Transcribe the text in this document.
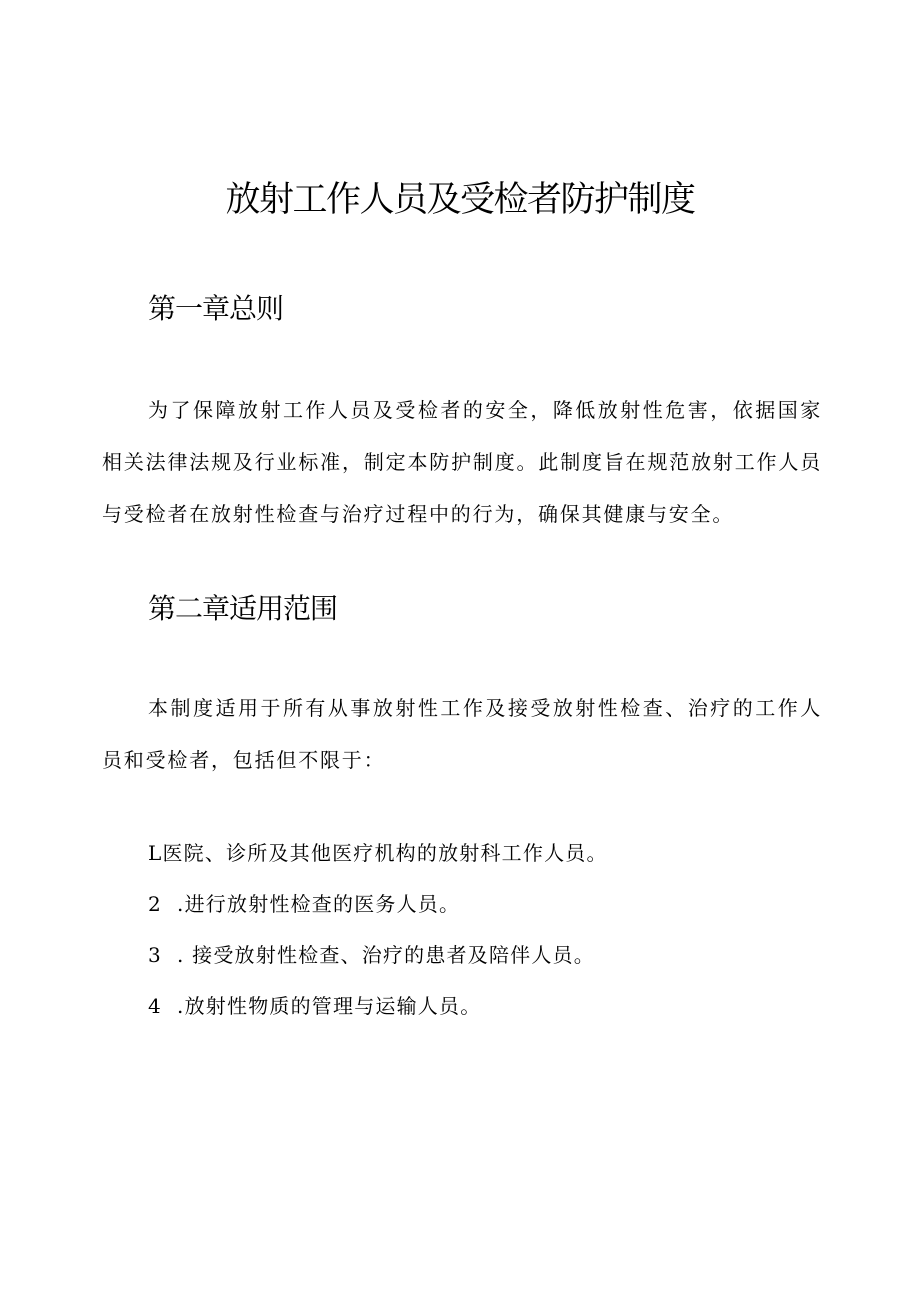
放射工作人员及受检者防护制度
第一章总则

为了保障放射工作人员及受检者的安全，降低放射性危害，依据国家相关法律法规及行业标准，制定本防护制度。此制度旨在规范放射工作人员与受检者在放射性检查与治疗过程中的行为，确保其健康与安全。

第二章适用范围

本制度适用于所有从事放射性工作及接受放射性检查、治疗的工作人员和受检者，包括但不限于：

L医院、诊所及其他医疗机构的放射科工作人员。
2  .进行放射性检查的医务人员。
3  . 接受放射性检查、治疗的患者及陪伴人员。
4  .放射性物质的管理与运输人员。
